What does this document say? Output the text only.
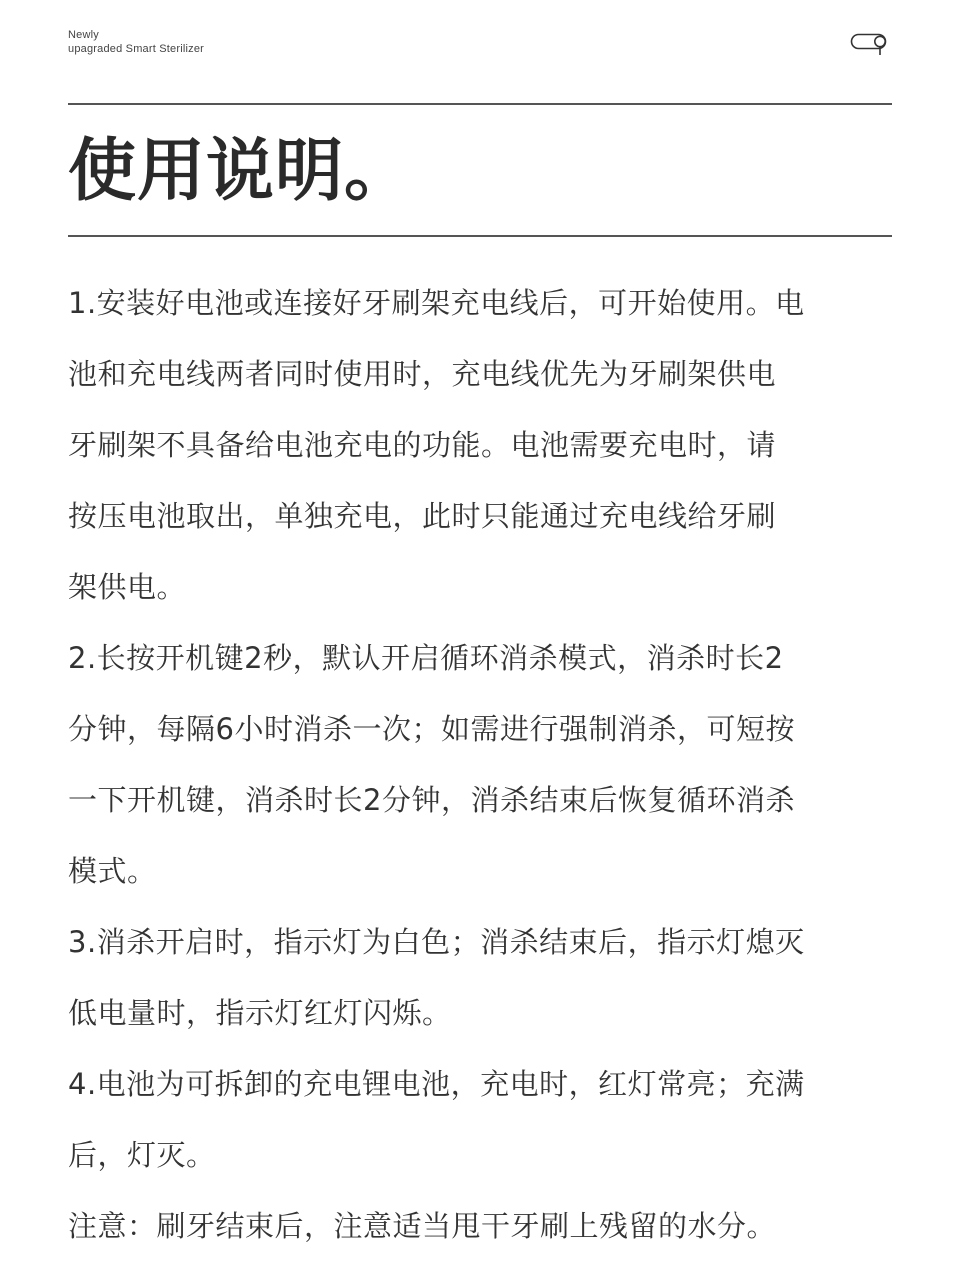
Newly
upagraded Smart Sterilizer
使用说明。
1.安装好电池或连接好牙刷架充电线后，可开始使用。电
池和充电线两者同时使用时，充电线优先为牙刷架供电
牙刷架不具备给电池充电的功能。电池需要充电时，请
按压电池取出，单独充电，此时只能通过充电线给牙刷
架供电。
2.长按开机键2秒，默认开启循环消杀模式，消杀时长2
分钟，每隔6小时消杀一次；如需进行强制消杀，可短按
一下开机键，消杀时长2分钟，消杀结束后恢复循环消杀
模式。
3.消杀开启时，指示灯为白色；消杀结束后，指示灯熄灭
低电量时，指示灯红灯闪烁。
4.电池为可拆卸的充电锂电池，充电时，红灯常亮；充满
后，灯灭。
注意：刷牙结束后，注意适当甩干牙刷上残留的水分。
